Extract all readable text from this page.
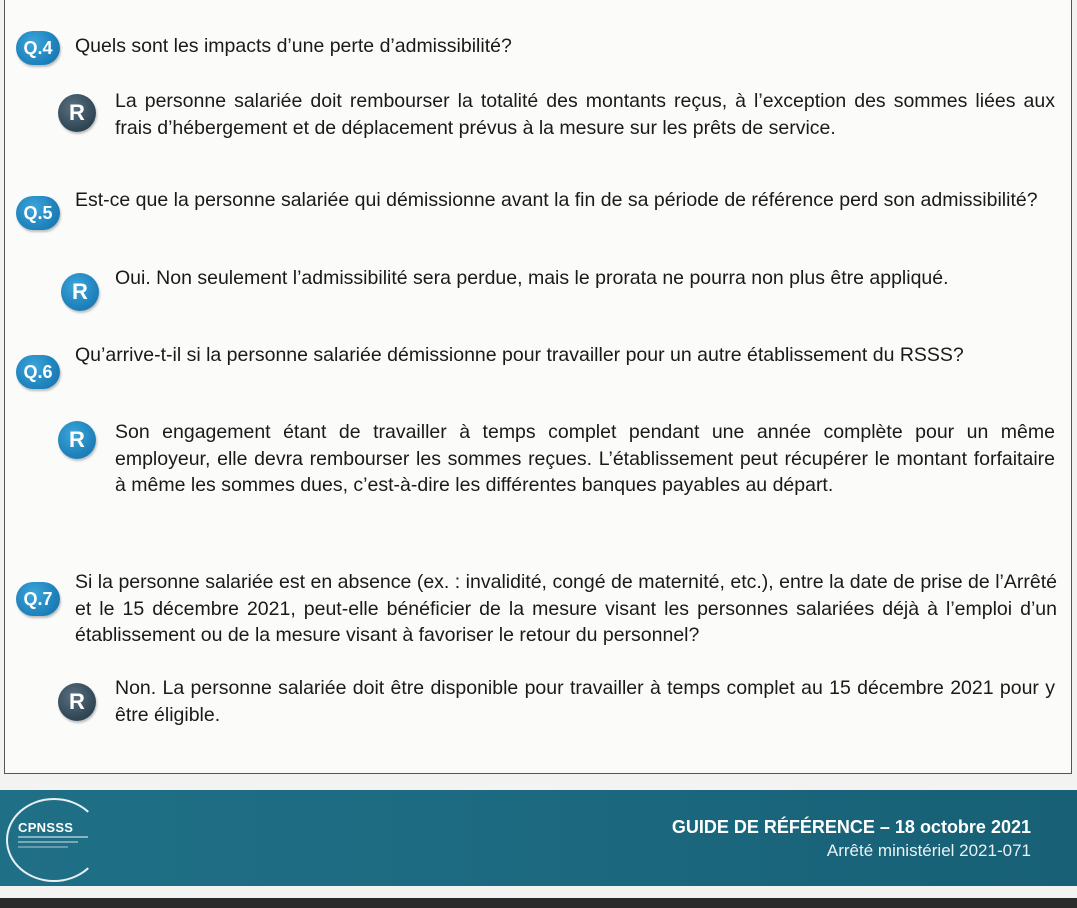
Q.4	Quels sont les impacts d’une perte d’admissibilité?
R	La personne salariée doit rembourser la totalité des montants reçus, à l’exception des sommes liées aux frais d’hébergement et de déplacement prévus à la mesure sur les prêts de service.
Q.5
Est-ce que la personne salariée qui démissionne avant la fin de sa période de référence perd son admissibilité?
R
Oui. Non seulement l’admissibilité sera perdue, mais le prorata ne pourra non plus être appliqué.
Q.6
Qu’arrive-t-il si la personne salariée démissionne pour travailler pour un autre établissement du RSSS?
R	Son engagement étant de travailler à temps complet pendant une année complète pour un même employeur, elle devra rembourser les sommes reçues. L’établissement peut récupérer le montant forfaitaire à même les sommes dues, c’est-à-dire les différentes banques payables au départ.
Q.7
Si la personne salariée est en absence (ex. : invalidité, congé de maternité, etc.), entre la date de prise de l’Arrêté et le 15 décembre 2021, peut-elle bénéficier de la mesure visant les personnes salariées déjà à l’emploi d’un établissement ou de la mesure visant à favoriser le retour du personnel?
R
Non. La personne salariée doit être disponible pour travailler à temps complet au 15 décembre 2021 pour y être éligible.
CPNSSS	GUIDE DE RÉFÉRENCE – 18 octobre 2021
Arrêté ministériel 2021-071
